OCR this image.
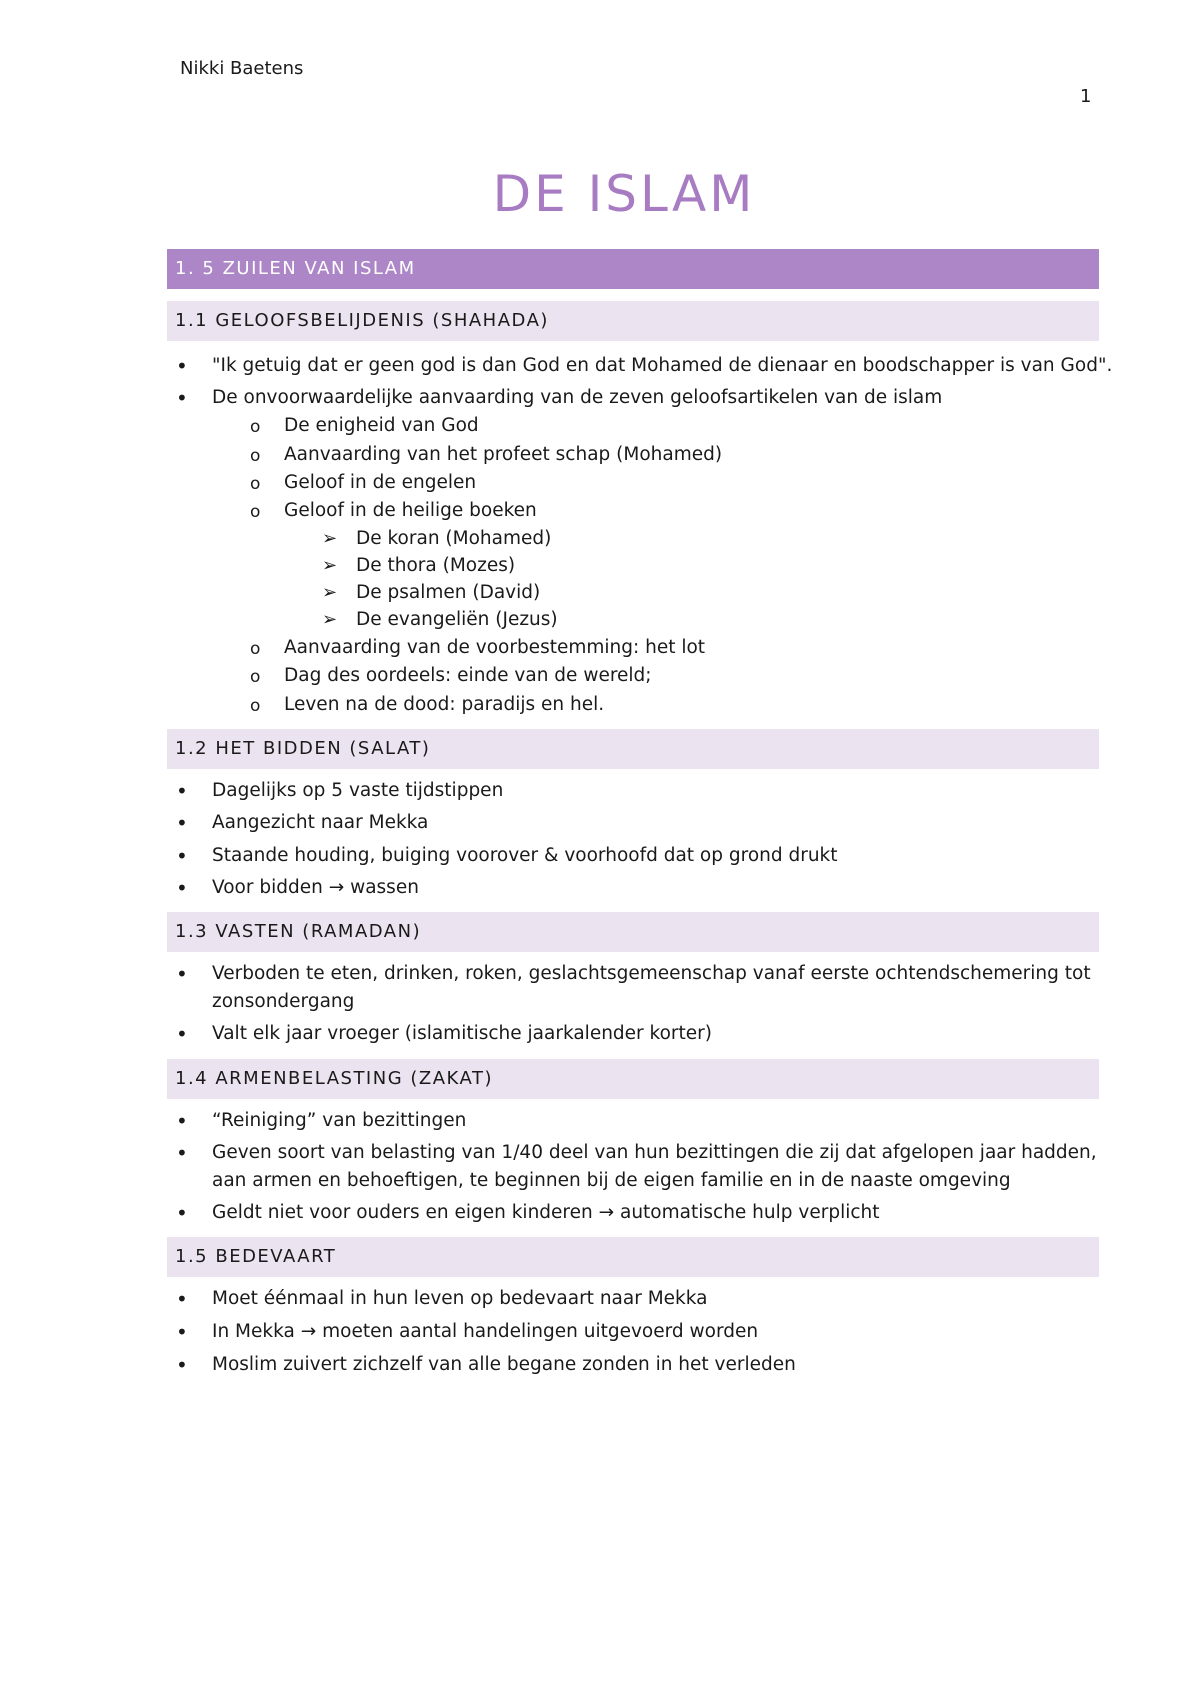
Nikki Baetens
1
DE ISLAM
1. 5 ZUILEN VAN ISLAM
1.1 GELOOFSBELIJDENIS (SHAHADA)
• "Ik getuig dat er geen god is dan God en dat Mohamed de dienaar en boodschapper is van God".
• De onvoorwaardelijke aanvaarding van de zeven geloofsartikelen van de islam
o De enigheid van God
o Aanvaarding van het profeet schap (Mohamed)
o Geloof in de engelen
o Geloof in de heilige boeken
➢ De koran (Mohamed)
➢ De thora (Mozes)
➢ De psalmen (David)
➢ De evangeliën (Jezus)
o Aanvaarding van de voorbestemming: het lot
o Dag des oordeels: einde van de wereld;
o Leven na de dood: paradijs en hel.
1.2 HET BIDDEN (SALAT)
• Dagelijks op 5 vaste tijdstippen
• Aangezicht naar Mekka
• Staande houding, buiging voorover & voorhoofd dat op grond drukt
• Voor bidden → wassen
1.3 VASTEN (RAMADAN)
• Verboden te eten, drinken, roken, geslachtsgemeenschap vanaf eerste ochtendschemering tot
zonsondergang
• Valt elk jaar vroeger (islamitische jaarkalender korter)
1.4 ARMENBELASTING (ZAKAT)
• “Reiniging” van bezittingen
• Geven soort van belasting van 1/40 deel van hun bezittingen die zij dat afgelopen jaar hadden,
aan armen en behoeftigen, te beginnen bij de eigen familie en in de naaste omgeving
• Geldt niet voor ouders en eigen kinderen → automatische hulp verplicht
1.5 BEDEVAART
• Moet éénmaal in hun leven op bedevaart naar Mekka
• In Mekka → moeten aantal handelingen uitgevoerd worden
• Moslim zuivert zichzelf van alle begane zonden in het verleden
